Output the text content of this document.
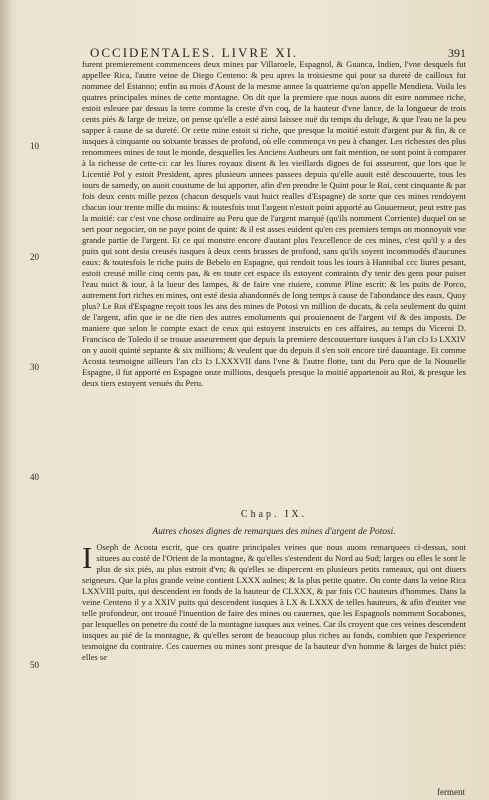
OCCIDENTALES. LIVRE XI.	391
10
20
30
40
50
furent premierement commencees deux mines par Villaroele, Espagnol, & Guanca, Indien, l'vne desquels fut appellee Rica, l'autre veine de Diego Centeno: & peu apres la troisiesme qui pour sa dureté de cailloux fut nommee del Estanno; enfin au mois d'Aoust de la mesme annee la quatrieme qu'on appelle Mendieta. Voila les quatres principales mines de cette montagne. On dit que la premiere que nous auons dit estre nommee riche, estoit esleuee par dessus la terre comme la creste d'vn coq, de la hauteur d'vne lance, de la longueur de trois cents piés & large de treize, on pense qu'elle a esté ainsi laissee nuë du temps du deluge, & que l'eau ne la peu sapper à cause de sa dureté. Or cette mine estoit si riche, que presque la moitié estoit d'argent pur & fin, & ce iusques à cinquante ou soixante brasses de profond, où elle commença vn peu à changer. Les richesses des plus renommees mines de tout le monde, desquelles les Anciens Autheurs ont fait mention, ne sont point à comparer à la richesse de cette-ci: car les liures royaux disent & les vieillards dignes de foi asseurent, que lors que le Licentié Pol y estoit President, apres plusieurs annees passees depuis qu'elle auoit esté descouuerte, tous les iours de samedy, on auoit coustume de lui apporter, afin d'en prendre le Quint pour le Roi, cent cinquante & par fois deux cents mille pezos (chacun desquels vaut huict realles d'Espagne) de sorte que ces mines rendoyent chacun iour trente mille du moins: & toutesfois tout l'argent n'estoit point apporté au Gouuerneur, peut estre pas la moitié: car c'est vne chose ordinaire au Peru que de l'argent marqué (qu'ils nomment Corriente) duquel on se sert pour negocier, on ne paye point de quint: & il est asses euident qu'en ces premiers temps on monnoyoit vne grande partie de l'argent. Et ce qui monstre encore d'autant plus l'excellence de ces mines, c'est qu'il y a des puits qui sont desia creusés iusques à deux cents brasses de profond, sans qu'ils soyent incommodés d'aucunes eaux: & toutesfois le riche puits de Bebelo en Espagne, qui rendoit tous les iours à Hannibal ccc liures pesant, estoit creusé mille cinq cents pas, & en toute cet espace ils estoyent contraints d'y tenir des gens pour puiser l'eau nuict & iour, à la lueur des lampes, & de faire vne riuiere, comme Pline escrit: & les puits de Porco, autrement fort riches en mines, ont esté desia abandonnés de long temps à cause de l'abondance des eaux. Quoy plus? Le Roi d'Espagne reçoit tous les ans des mines de Potosi vn million de ducats, & cela seulement du quint de l'argent, afin que ie ne die rien des autres emoluments qui prouiennent de l'argent vif & des imposts. De maniere que selon le compte exact de ceux qui estoyent instruicts en ces affaires, au temps du Viceroi D. Francisco de Toledo il se trouue asseurement que depuis la premiere descouuerture iusques à l'an cIɔ Iɔ LXXIV on y auoit quinté septante & six millions; & veulent que du depuis il s'en soit encore tiré dauantage. Et comme Acosta tesmoigne ailleurs l'an cIɔ Iɔ LXXXVII dans l'vne & l'autre flotte, tant du Peru que de la Nouuelle Espagne, il fut apporté en Espagne onze millions, desquels presque la moitié appartenoit au Roi, & presque les deux tiers estoyent venués du Peru.
Chap. IX.
Autres choses dignes de remarques des mines d'argent de Potosi.
I Oseph de Acosta escrit, que ces quatre principales veines que nous auons remarquees ci-dessus, sont situees au costé de l'Orient de la montagne, & qu'elles s'estendent du Nord au Sud; larges ou elles le sont le plus de six piés, au plus estroit d'vn; & qu'elles se dispercent en plusieurs petits rameaux, qui ont diuers seigneurs. Que la plus grande veine contient LXXX aulnes; & la plus petite quatre. On conte dans la veine Rica LXXVIII puits, qui descendent en fonds de la hauteur de CLXXX, & par fois CC hauteurs d'hommes. Dans la veine Centeno il y a XXIV puits qui descendent iusques à LX & LXXX de telles hauteurs, & afin d'euiter vne telle profondeur, ont trouué l'inuention de faire des mines ou cauernes, que les Espagnols nomment Socabones, par lesquelles on penetre du costé de la montagne iusques aux veines. Car ils croyent que ces veines descendent iusques au pié de la montagne, & qu'elles seront de beaucoup plus riches au fonds, combien que l'experience tesmoigne du contraire. Ces cauernes ou mines sont presque de la hauteur d'vn homme & larges de huict piés: elles se
ferment
